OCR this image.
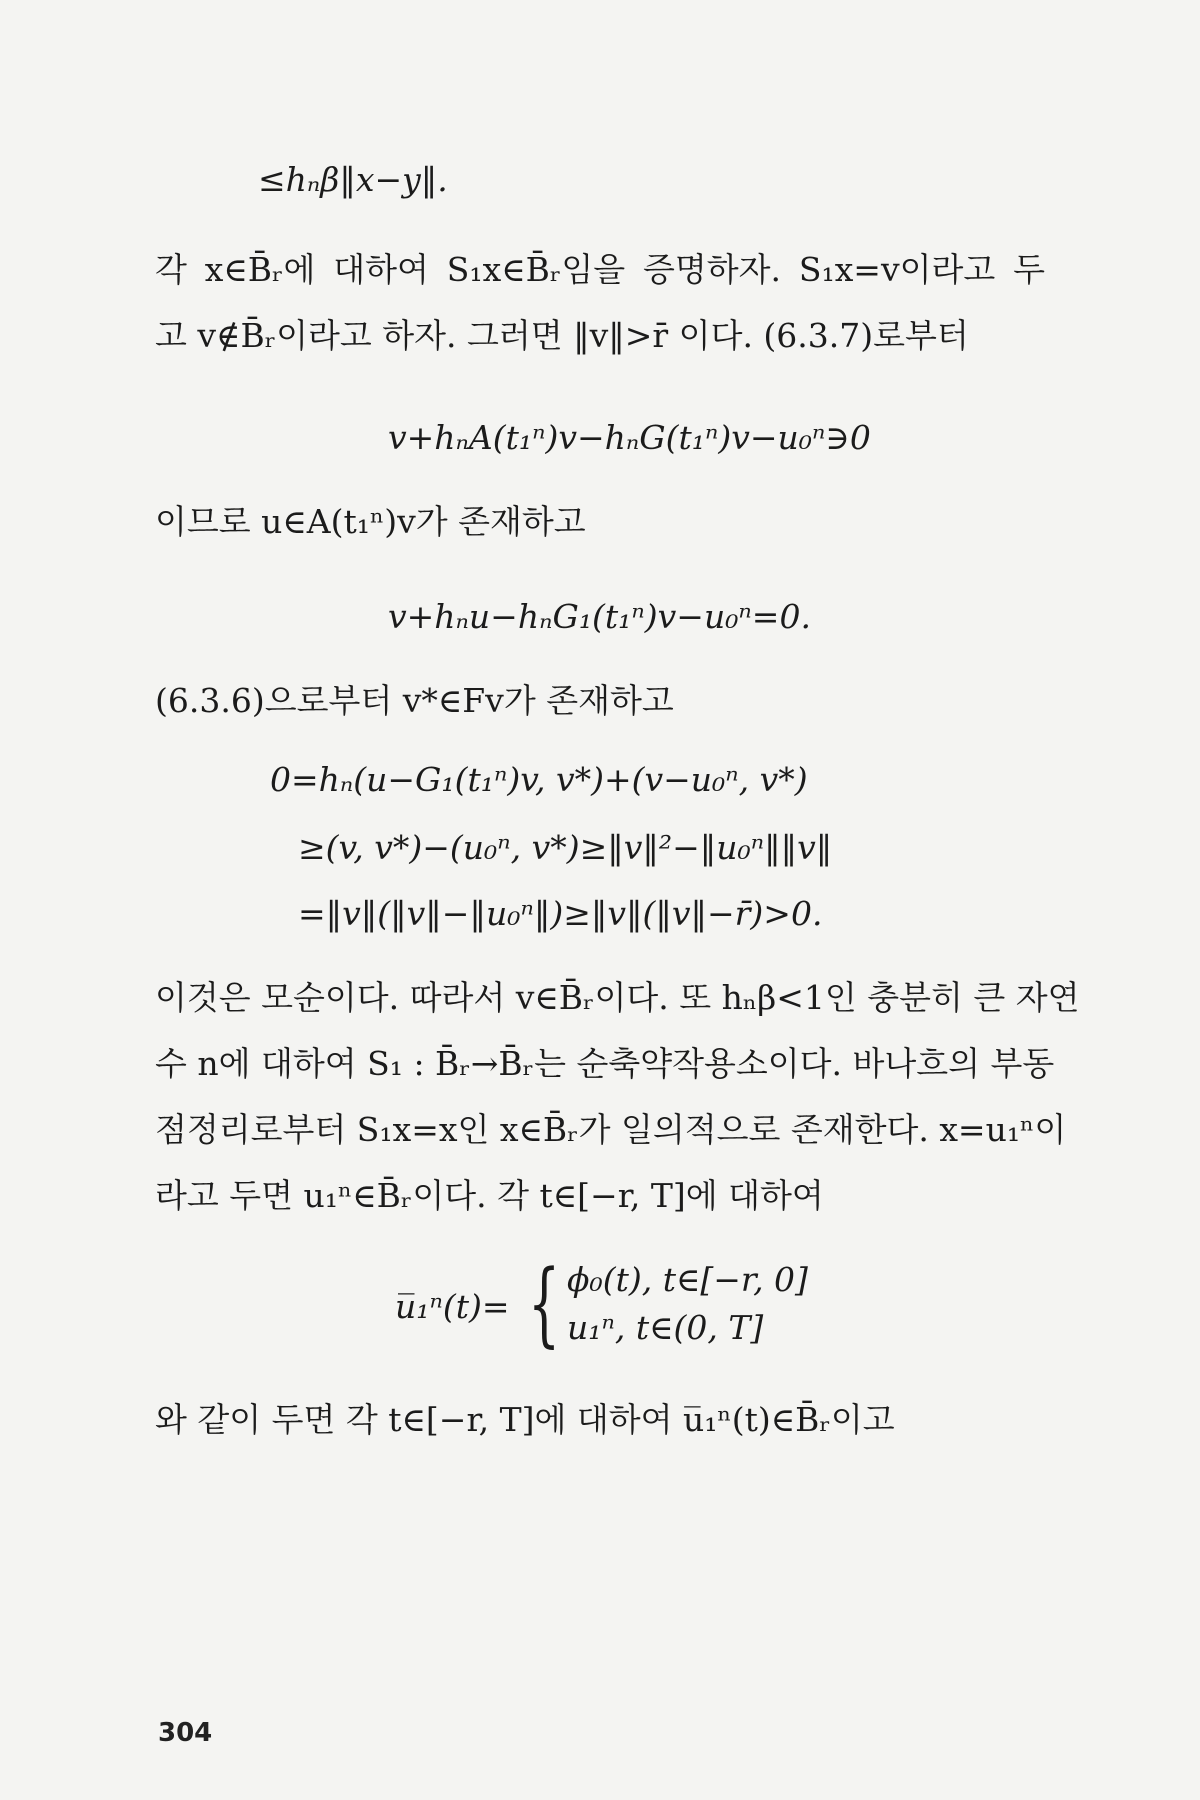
≤hₙβ‖x−y‖.
각 x∈B̄ᵣ에 대하여 S₁x∈B̄ᵣ임을 증명하자. S₁x=v이라고 두
고 v∉B̄ᵣ이라고 하자. 그러면 ‖v‖>r̄ 이다. (6.3.7)로부터
v+hₙA(t₁ⁿ)v−hₙG(t₁ⁿ)v−u₀ⁿ∋0
이므로 u∈A(t₁ⁿ)v가 존재하고
v+hₙu−hₙG₁(t₁ⁿ)v−u₀ⁿ=0.
(6.3.6)으로부터 v*∈Fv가 존재하고
0=hₙ(u−G₁(t₁ⁿ)v, v*)+(v−u₀ⁿ, v*)
≥(v, v*)−(u₀ⁿ, v*)≥‖v‖²−‖u₀ⁿ‖‖v‖
=‖v‖(‖v‖−‖u₀ⁿ‖)≥‖v‖(‖v‖−r̄)>0.
이것은 모순이다. 따라서 v∈B̄ᵣ이다. 또 hₙβ<1인 충분히 큰 자연
수 n에 대하여 S₁ : B̄ᵣ→B̄ᵣ는 순축약작용소이다. 바나흐의 부동
점정리로부터 S₁x=x인 x∈B̄ᵣ가 일의적으로 존재한다. x=u₁ⁿ이
라고 두면 u₁ⁿ∈B̄ᵣ이다. 각 t∈[−r, T]에 대하여
u̅₁ⁿ(t)= { ϕ₀(t), t∈[−r, 0]
u₁ⁿ, t∈(0, T]
와 같이 두면 각 t∈[−r, T]에 대하여 u̅₁ⁿ(t)∈B̄ᵣ이고
304
